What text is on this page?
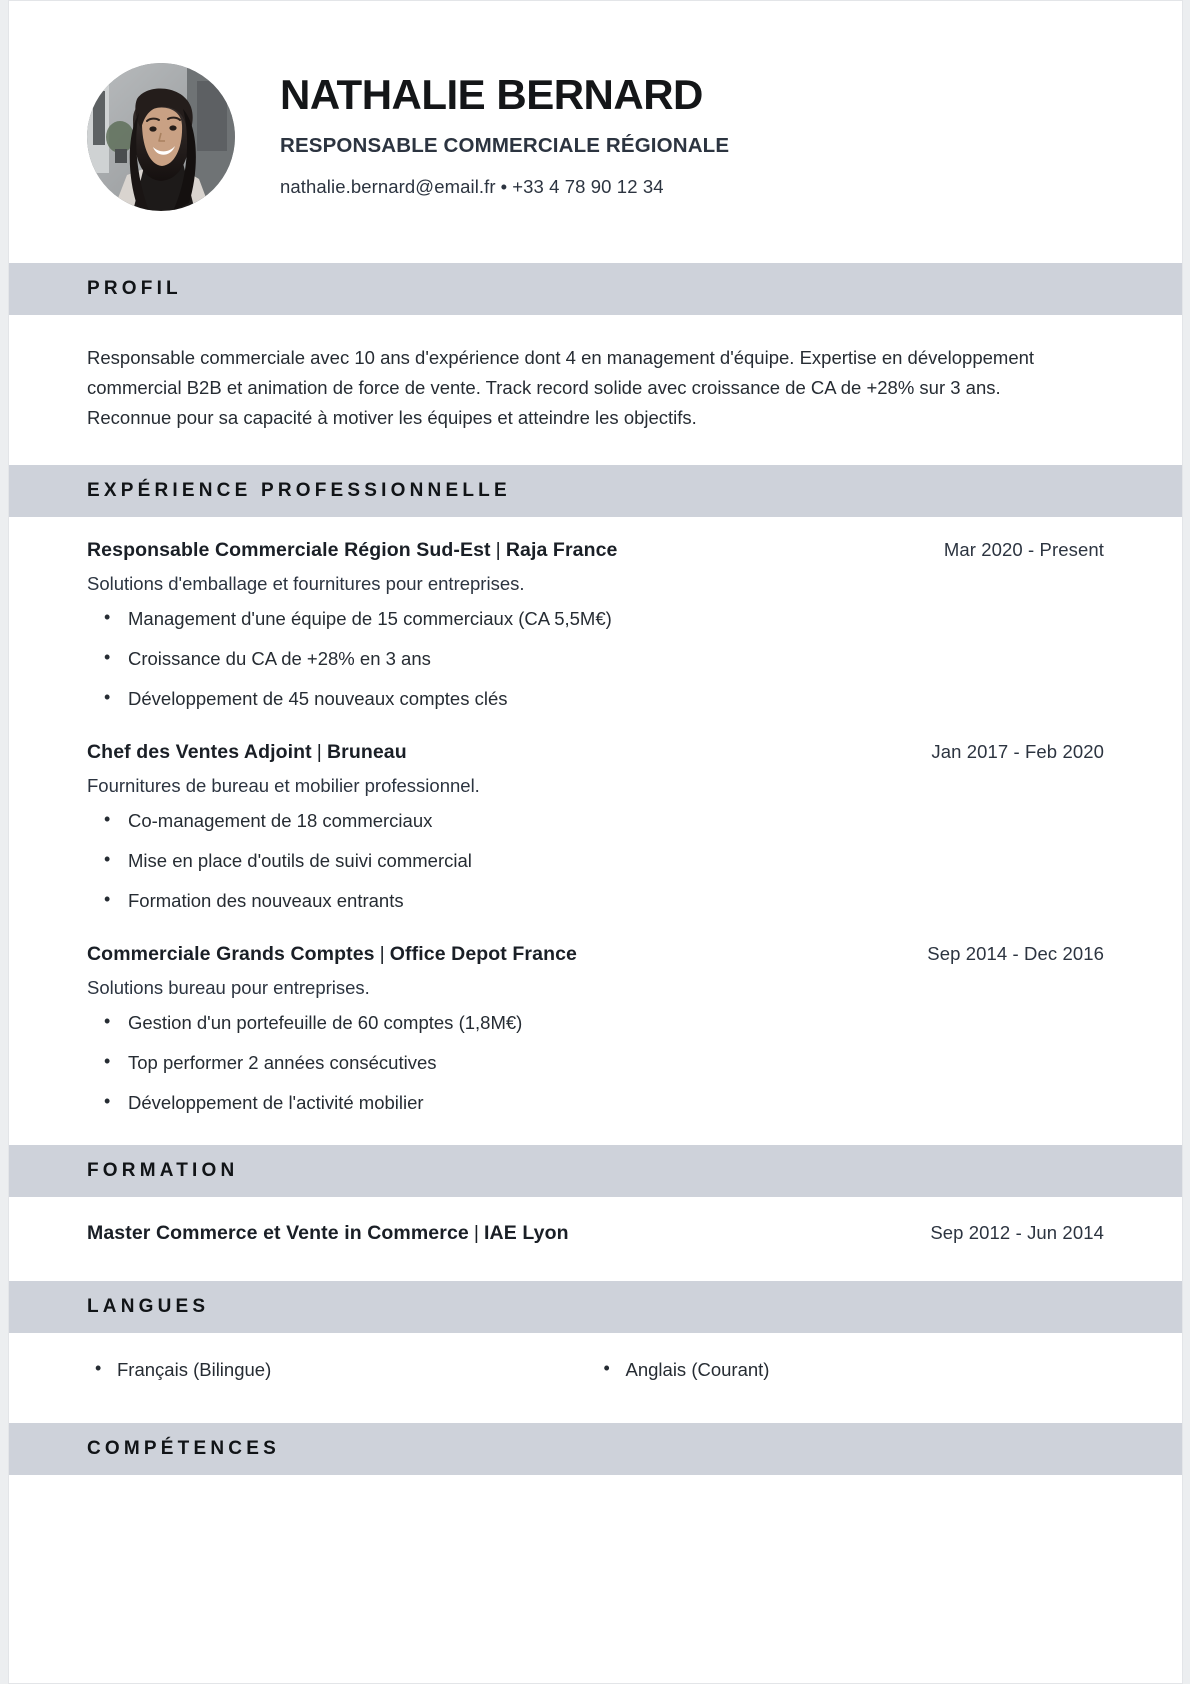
NATHALIE BERNARD
RESPONSABLE COMMERCIALE RÉGIONALE
nathalie.bernard@email.fr • +33 4 78 90 12 34
PROFIL
Responsable commerciale avec 10 ans d'expérience dont 4 en management d'équipe. Expertise en développement commercial B2B et animation de force de vente. Track record solide avec croissance de CA de +28% sur 3 ans. Reconnue pour sa capacité à motiver les équipes et atteindre les objectifs.
EXPÉRIENCE PROFESSIONNELLE
Responsable Commerciale Région Sud-Est | Raja France	Mar 2020 - Present
Solutions d'emballage et fournitures pour entreprises.
• Management d'une équipe de 15 commerciaux (CA 5,5M€)
• Croissance du CA de +28% en 3 ans
• Développement de 45 nouveaux comptes clés
Chef des Ventes Adjoint | Bruneau	Jan 2017 - Feb 2020
Fournitures de bureau et mobilier professionnel.
• Co-management de 18 commerciaux
• Mise en place d'outils de suivi commercial
• Formation des nouveaux entrants
Commerciale Grands Comptes | Office Depot France	Sep 2014 - Dec 2016
Solutions bureau pour entreprises.
• Gestion d'un portefeuille de 60 comptes (1,8M€)
• Top performer 2 années consécutives
• Développement de l'activité mobilier
FORMATION
Master Commerce et Vente in Commerce | IAE Lyon	Sep 2012 - Jun 2014
LANGUES
• Français (Bilingue)	• Anglais (Courant)
COMPÉTENCES
